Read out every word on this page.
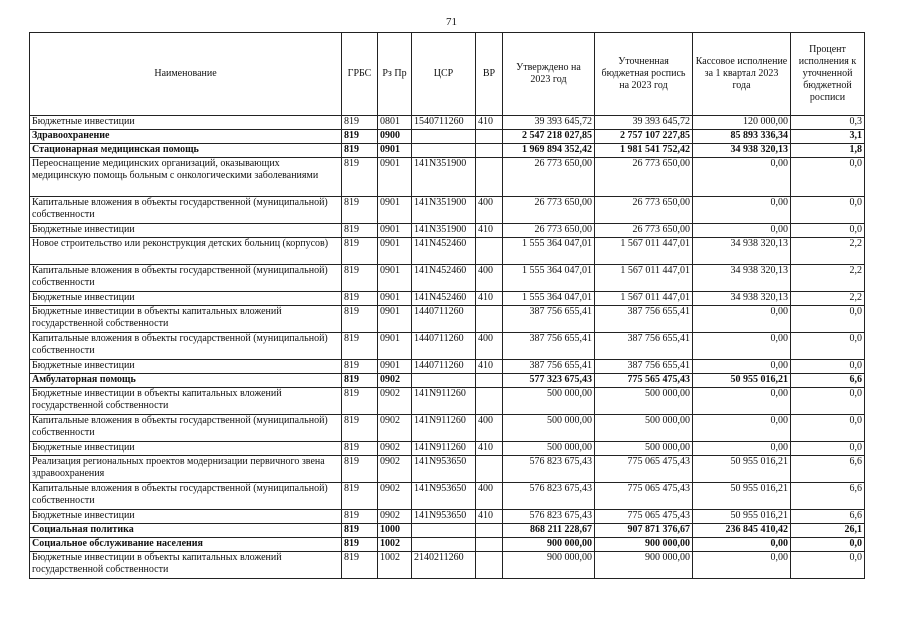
71
Наименование	ГРБС	Рз Пр	ЦСР	ВР	Утверждено на 2023 год	Уточненная бюджетная роспись на 2023 год	Кассовое исполнение за 1 квартал 2023 года	Процент исполнения к уточненной бюджетной росписи
Бюджетные инвестиции	819	0801	1540711260	410	39 393 645,72	39 393 645,72	120 000,00	0,3
Здравоохранение	819	0900			2 547 218 027,85	2 757 107 227,85	85 893 336,34	3,1
Стационарная медицинская помощь	819	0901			1 969 894 352,42	1 981 541 752,42	34 938 320,13	1,8
Переоснащение медицинских организаций, оказывающих медицинскую помощь больным с онкологическими заболеваниями	819	0901	141N351900		26 773 650,00	26 773 650,00	0,00	0,0
Капитальные вложения в объекты государственной (муниципальной) собственности	819	0901	141N351900	400	26 773 650,00	26 773 650,00	0,00	0,0
Бюджетные инвестиции	819	0901	141N351900	410	26 773 650,00	26 773 650,00	0,00	0,0
Новое строительство или реконструкция детских больниц (корпусов)	819	0901	141N452460		1 555 364 047,01	1 567 011 447,01	34 938 320,13	2,2
Капитальные вложения в объекты государственной (муниципальной) собственности	819	0901	141N452460	400	1 555 364 047,01	1 567 011 447,01	34 938 320,13	2,2
Бюджетные инвестиции	819	0901	141N452460	410	1 555 364 047,01	1 567 011 447,01	34 938 320,13	2,2
Бюджетные инвестиции в объекты капитальных вложений государственной собственности	819	0901	1440711260		387 756 655,41	387 756 655,41	0,00	0,0
Капитальные вложения в объекты государственной (муниципальной) собственности	819	0901	1440711260	400	387 756 655,41	387 756 655,41	0,00	0,0
Бюджетные инвестиции	819	0901	1440711260	410	387 756 655,41	387 756 655,41	0,00	0,0
Амбулаторная помощь	819	0902			577 323 675,43	775 565 475,43	50 955 016,21	6,6
Бюджетные инвестиции в объекты капитальных вложений государственной собственности	819	0902	141N911260		500 000,00	500 000,00	0,00	0,0
Капитальные вложения в объекты государственной (муниципальной) собственности	819	0902	141N911260	400	500 000,00	500 000,00	0,00	0,0
Бюджетные инвестиции	819	0902	141N911260	410	500 000,00	500 000,00	0,00	0,0
Реализация региональных проектов модернизации первичного звена здравоохранения	819	0902	141N953650		576 823 675,43	775 065 475,43	50 955 016,21	6,6
Капитальные вложения в объекты государственной (муниципальной) собственности	819	0902	141N953650	400	576 823 675,43	775 065 475,43	50 955 016,21	6,6
Бюджетные инвестиции	819	0902	141N953650	410	576 823 675,43	775 065 475,43	50 955 016,21	6,6
Социальная политика	819	1000			868 211 228,67	907 871 376,67	236 845 410,42	26,1
Социальное обслуживание населения	819	1002			900 000,00	900 000,00	0,00	0,0
Бюджетные инвестиции в объекты капитальных вложений государственной собственности	819	1002	2140211260		900 000,00	900 000,00	0,00	0,0
